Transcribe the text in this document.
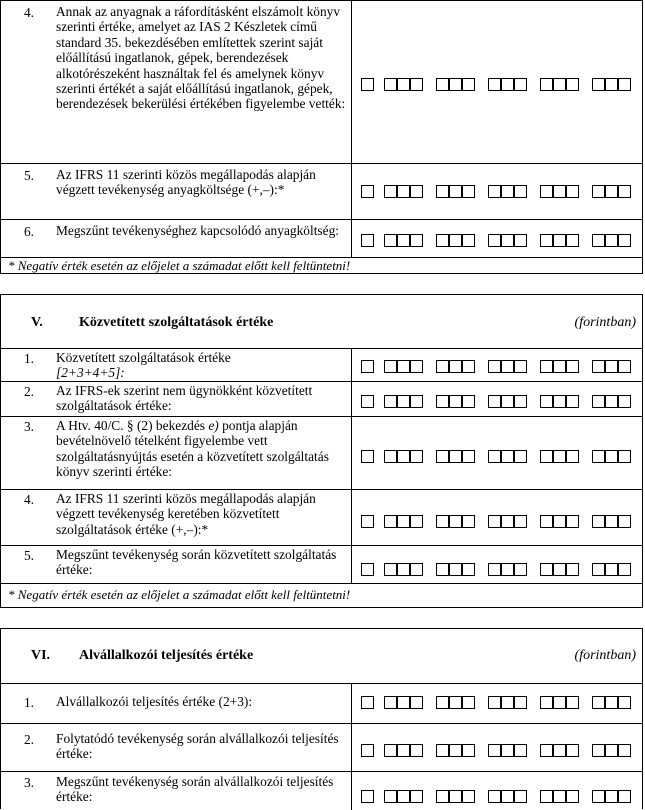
4.	Annak az anyagnak a ráfordításként elszámolt könyv szerinti értéke, amelyet az IAS 2 Készletek című standard 35. bekezdésében említettek szerint saját előállítású ingatlanok, gépek, berendezések alkotórészeként használtak fel és amelynek könyv szerinti értékét a saját előállítású ingatlanok, gépek, berendezések bekerülési értékében figyelembe vették:
5.	Az IFRS 11 szerinti közös megállapodás alapján végzett tevékenység anyagköltsége (+,–):*
6.	Megszűnt tevékenységhez kapcsolódó anyagköltség:
* Negatív érték esetén az előjelet a számadat előtt kell feltüntetni!
V.	Közvetített szolgáltatások értéke	(forintban)
1.	Közvetített szolgáltatások értéke
[2+3+4+5]:
2.	Az IFRS-ek szerint nem ügynökként közvetített szolgáltatások értéke:
3.	A Htv. 40/C. § (2) bekezdés e) pontja alapján bevételnövelő tételként figyelembe vett szolgáltatásnyújtás esetén a közvetített szolgáltatás könyv szerinti értéke:
4.	Az IFRS 11 szerinti közös megállapodás alapján végzett tevékenység keretében közvetített szolgáltatások értéke (+,–):*
5.	Megszűnt tevékenység során közvetített szolgáltatás értéke:
* Negatív érték esetén az előjelet a számadat előtt kell feltüntetni!
VI. Alvállalkozói teljesítés értéke	(forintban)
1.	Alvállalkozói teljesítés értéke (2+3):
2.	Folytatódó tevékenység során alvállalkozói teljesítés értéke:
3.	Megszűnt tevékenység során alvállalkozói teljesítés értéke:
